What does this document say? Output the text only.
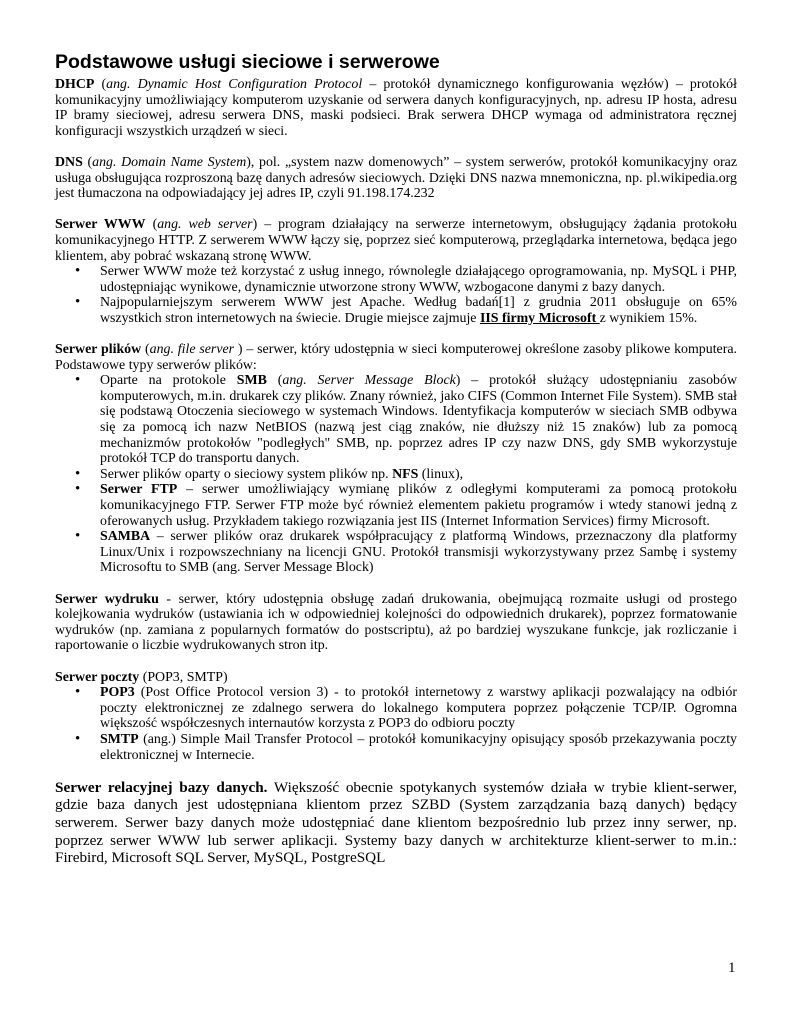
Podstawowe usługi sieciowe i serwerowe

DHCP (ang. Dynamic Host Configuration Protocol – protokół dynamicznego konfigurowania węzłów) – protokół komunikacyjny umożliwiający komputerom uzyskanie od serwera danych konfiguracyjnych, np. adresu IP hosta, adresu IP bramy sieciowej, adresu serwera DNS, maski podsieci. Brak serwera DHCP wymaga od administratora ręcznej konfiguracji wszystkich urządzeń w sieci.

DNS (ang. Domain Name System), pol. „system nazw domenowych” – system serwerów, protokół komunikacyjny oraz usługa obsługująca rozproszoną bazę danych adresów sieciowych. Dzięki DNS nazwa mnemoniczna, np. pl.wikipedia.org jest tłumaczona na odpowiadający jej adres IP, czyli 91.198.174.232

Serwer WWW (ang. web server) – program działający na serwerze internetowym, obsługujący żądania protokołu komunikacyjnego HTTP. Z serwerem WWW łączy się, poprzez sieć komputerową, przeglądarka internetowa, będąca jego klientem, aby pobrać wskazaną stronę WWW.

• Serwer WWW może też korzystać z usług innego, równolegle działającego oprogramowania, np. MySQL i PHP, udostępniając wynikowe, dynamicznie utworzone strony WWW, wzbogacone danymi z bazy danych.
• Najpopularniejszym serwerem WWW jest Apache. Według badań[1] z grudnia 2011 obsługuje on 65% wszystkich stron internetowych na świecie. Drugie miejsce zajmuje IIS firmy Microsoft z wynikiem 15%.

Serwer plików (ang. file server ) – serwer, który udostępnia w sieci komputerowej określone zasoby plikowe komputera. Podstawowe typy serwerów plików:

• Oparte na protokole SMB (ang. Server Message Block) – protokół służący udostępnianiu zasobów komputerowych, m.in. drukarek czy plików. Znany również, jako CIFS (Common Internet File System). SMB stał się podstawą Otoczenia sieciowego w systemach Windows. Identyfikacja komputerów w sieciach SMB odbywa się za pomocą ich nazw NetBIOS (nazwą jest ciąg znaków, nie dłuższy niż 15 znaków) lub za pomocą mechanizmów protokołów "podległych" SMB, np. poprzez adres IP czy nazw DNS, gdy SMB wykorzystuje protokół TCP do transportu danych.
• Serwer plików oparty o sieciowy system plików np. NFS (linux),
• Serwer FTP – serwer umożliwiający wymianę plików z odległymi komputerami za pomocą protokołu komunikacyjnego FTP. Serwer FTP może być również elementem pakietu programów i wtedy stanowi jedną z oferowanych usług. Przykładem takiego rozwiązania jest IIS (Internet Information Services) firmy Microsoft.
• SAMBA – serwer plików oraz drukarek współpracujący z platformą Windows, przeznaczony dla platformy Linux/Unix i rozpowszechniany na licencji GNU. Protokół transmisji wykorzystywany przez Sambę i systemy Microsoftu to SMB (ang. Server Message Block)

Serwer wydruku - serwer, który udostępnia obsługę zadań drukowania, obejmującą rozmaite usługi od prostego kolejkowania wydruków (ustawiania ich w odpowiedniej kolejności do odpowiednich drukarek), poprzez formatowanie wydruków (np. zamiana z popularnych formatów do postscriptu), aż po bardziej wyszukane funkcje, jak rozliczanie i raportowanie o liczbie wydrukowanych stron itp.

Serwer poczty (POP3, SMTP)

• POP3 (Post Office Protocol version 3) - to protokół internetowy z warstwy aplikacji pozwalający na odbiór poczty elektronicznej ze zdalnego serwera do lokalnego komputera poprzez połączenie TCP/IP. Ogromna większość współczesnych internautów korzysta z POP3 do odbioru poczty
• SMTP (ang.) Simple Mail Transfer Protocol – protokół komunikacyjny opisujący sposób przekazywania poczty elektronicznej w Internecie.

Serwer relacyjnej bazy danych. Większość obecnie spotykanych systemów działa w trybie klient-serwer, gdzie baza danych jest udostępniana klientom przez SZBD (System zarządzania bazą danych) będący serwerem. Serwer bazy danych może udostępniać dane klientom bezpośrednio lub przez inny serwer, np. poprzez serwer WWW lub serwer aplikacji. Systemy bazy danych w architekturze klient-serwer to m.in.: Firebird, Microsoft SQL Server, MySQL, PostgreSQL

1
